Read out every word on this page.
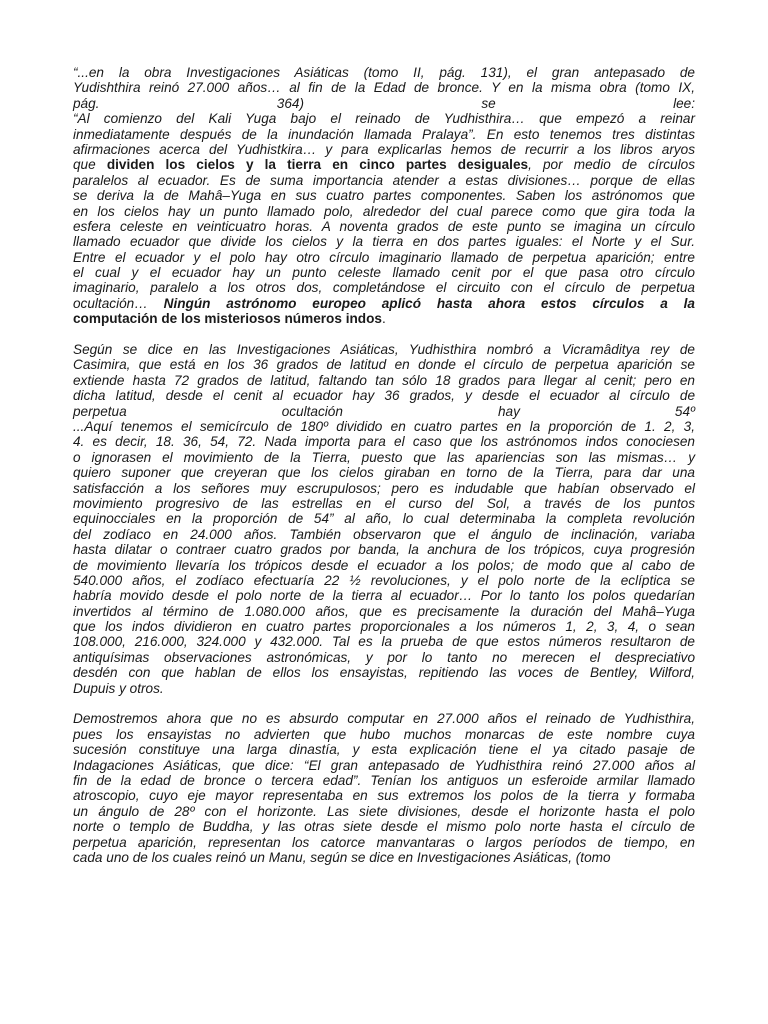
“...en la obra Investigaciones Asiáticas (tomo II, pág. 131), el gran antepasado de
Yudishthira reinó 27.000 años… al fin de la Edad de bronce. Y en la misma obra (tomo IX,
pág. 364) se lee:
“Al comienzo del Kali Yuga bajo el reinado de Yudhisthira… que empezó a reinar
inmediatamente después de la inundación llamada Pralaya”. En esto tenemos tres distintas
afirmaciones acerca del Yudhistkira… y para explicarlas hemos de recurrir a los libros aryos
que dividen los cielos y la tierra en cinco partes desiguales, por medio de círculos
paralelos al ecuador. Es de suma importancia atender a estas divisiones… porque de ellas
se deriva la de Mahâ–Yuga en sus cuatro partes componentes. Saben los astrónomos que
en los cielos hay un punto llamado polo, alrededor del cual parece como que gira toda la
esfera celeste en veinticuatro horas. A noventa grados de este punto se imagina un círculo
llamado ecuador que divide los cielos y la tierra en dos partes iguales: el Norte y el Sur.
Entre el ecuador y el polo hay otro círculo imaginario llamado de perpetua aparición; entre
el cual y el ecuador hay un punto celeste llamado cenit por el que pasa otro círculo
imaginario, paralelo a los otros dos, completándose el circuito con el círculo de perpetua
ocultación… Ningún astrónomo europeo aplicó hasta ahora estos círculos a la
computación de los misteriosos números indos.
Según se dice en las Investigaciones Asiáticas, Yudhisthira nombró a Vicramâditya rey de
Casimira, que está en los 36 grados de latitud en donde el círculo de perpetua aparición se
extiende hasta 72 grados de latitud, faltando tan sólo 18 grados para llegar al cenit; pero en
dicha latitud, desde el cenit al ecuador hay 36 grados, y desde el ecuador al círculo de
perpetua ocultación hay 54º
...Aquí tenemos el semicírculo de 180º dividido en cuatro partes en la proporción de 1. 2, 3,
4. es decir, 18. 36, 54, 72. Nada importa para el caso que los astrónomos indos conociesen
o ignorasen el movimiento de la Tierra, puesto que las apariencias son las mismas… y
quiero suponer que creyeran que los cielos giraban en torno de la Tierra, para dar una
satisfacción a los señores muy escrupulosos; pero es indudable que habían observado el
movimiento progresivo de las estrellas en el curso del Sol, a través de los puntos
equinocciales en la proporción de 54” al año, lo cual determinaba la completa revolución
del zodíaco en 24.000 años. También observaron que el ángulo de inclinación, variaba
hasta dilatar o contraer cuatro grados por banda, la anchura de los trópicos, cuya progresión
de movimiento llevaría los trópicos desde el ecuador a los polos; de modo que al cabo de
540.000 años, el zodíaco efectuaría 22 ½ revoluciones, y el polo norte de la eclíptica se
habría movido desde el polo norte de la tierra al ecuador… Por lo tanto los polos quedarían
invertidos al término de 1.080.000 años, que es precisamente la duración del Mahâ–Yuga
que los indos dividieron en cuatro partes proporcionales a los números 1, 2, 3, 4, o sean
108.000, 216.000, 324.000 y 432.000. Tal es la prueba de que estos números resultaron de
antiquísimas observaciones astronómicas, y por lo tanto no merecen el despreciativo
desdén con que hablan de ellos los ensayistas, repitiendo las voces de Bentley, Wilford,
Dupuis y otros.
Demostremos ahora que no es absurdo computar en 27.000 años el reinado de Yudhisthira,
pues los ensayistas no advierten que hubo muchos monarcas de este nombre cuya
sucesión constituye una larga dinastía, y esta explicación tiene el ya citado pasaje de
Indagaciones Asiáticas, que dice: “El gran antepasado de Yudhisthira reinó 27.000 años al
fin de la edad de bronce o tercera edad”. Tenían los antiguos un esferoide armilar llamado
atroscopio, cuyo eje mayor representaba en sus extremos los polos de la tierra y formaba
un ángulo de 28º con el horizonte. Las siete divisiones, desde el horizonte hasta el polo
norte o templo de Buddha, y las otras siete desde el mismo polo norte hasta el círculo de
perpetua aparición, representan los catorce manvantaras o largos períodos de tiempo, en
cada uno de los cuales reinó un Manu, según se dice en Investigaciones Asiáticas, (tomo
